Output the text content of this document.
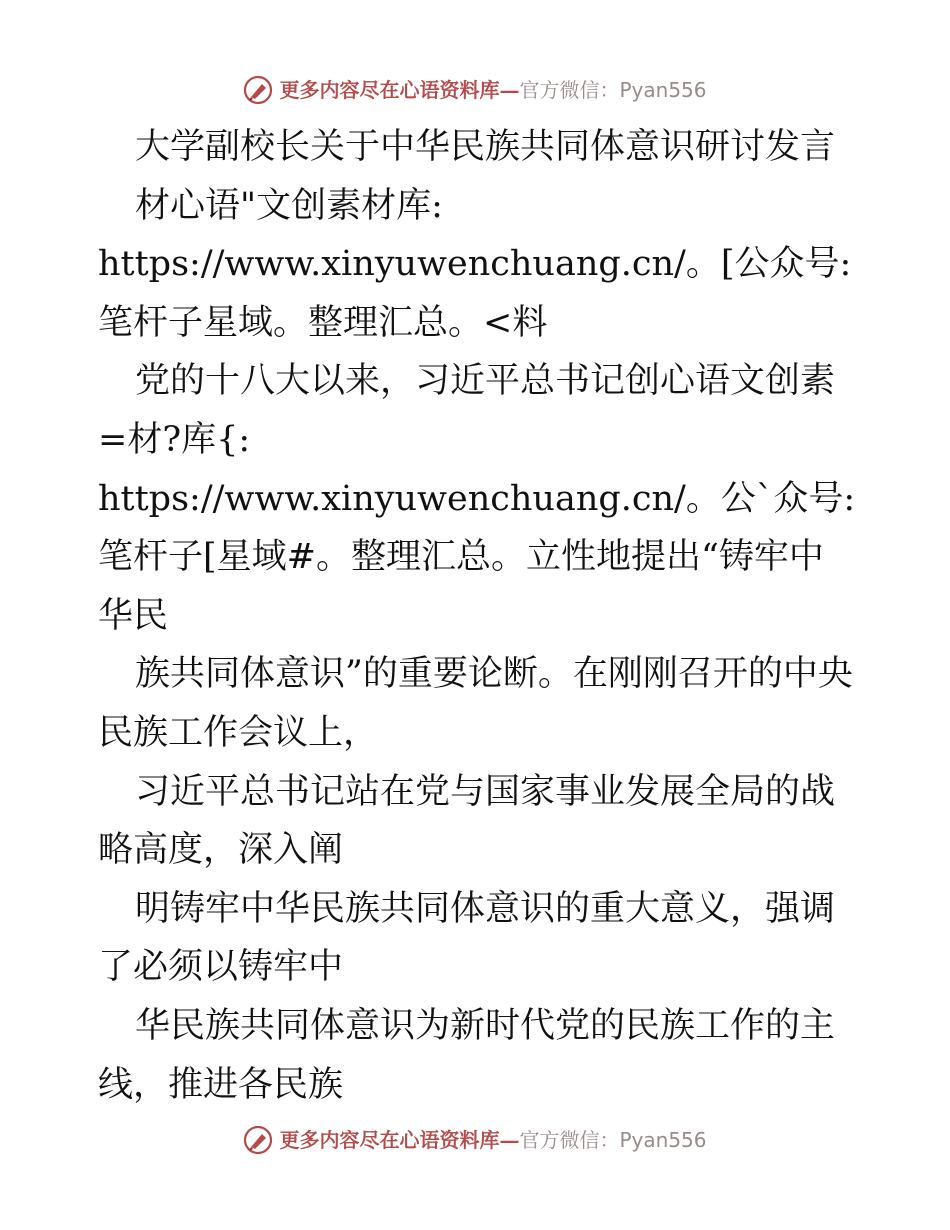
更多内容尽在心语资料库—官方微信：Pyan556

大学副校长关于中华民族共同体意识研讨发言

材心语"文创素材库: https://www.xinyuwenchuang.cn/。[公众号: 笔杆子星域。整理汇总。<料

党的十八大以来，习近平总书记创心语文创素=材?库{: https://www.xinyuwenchuang.cn/。公`众号: 笔杆子[星域#。整理汇总。立性地提出“铸牢中华民

族共同体意识”的重要论断。在刚刚召开的中央民族工作会议上，

习近平总书记站在党与国家事业发展全局的战略高度，深入阐

明铸牢中华民族共同体意识的重大意义，强调了必须以铸牢中

华民族共同体意识为新时代党的民族工作的主线，推进各民族

更多内容尽在心语资料库—官方微信：Pyan556
